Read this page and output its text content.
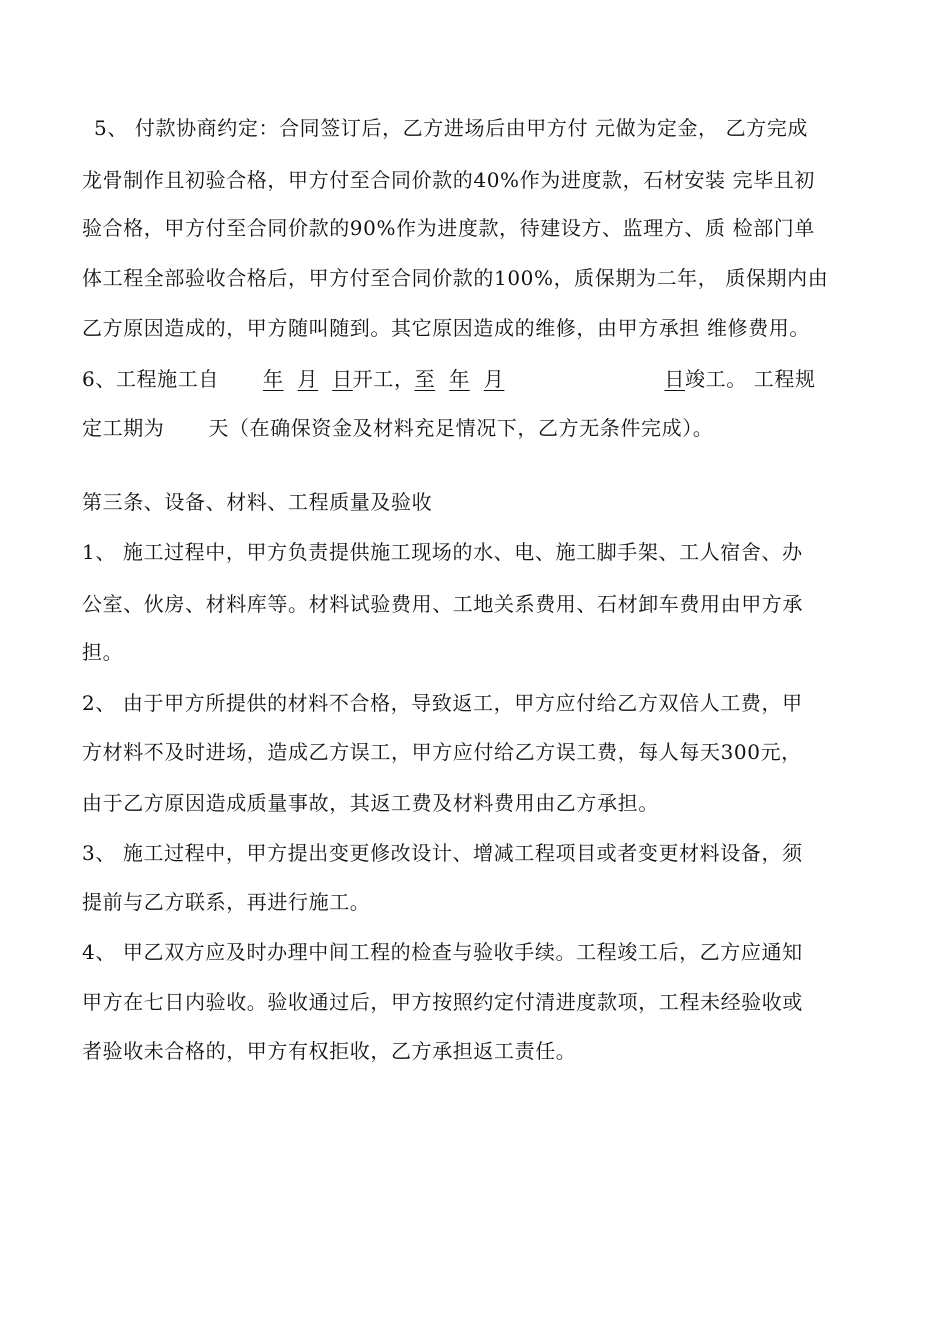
5、 付款协商约定：合同签订后，乙方进场后由甲方付 元做为定金， 乙方完成
龙骨制作且初验合格，甲方付至合同价款的40%作为进度款，石材安装 完毕且初
验合格，甲方付至合同价款的90%作为进度款，待建设方、监理方、质 检部门单
体工程全部验收合格后，甲方付至合同价款的100%，质保期为二年， 质保期内由
乙方原因造成的，甲方随叫随到。其它原因造成的维修，由甲方承担 维修费用。
6、工程施工自 年 月 日开工，至 年 月	日竣工。 工程规
定工期为 天（在确保资金及材料充足情况下，乙方无条件完成）。
第三条、设备、材料、工程质量及验收
1、 施工过程中，甲方负责提供施工现场的水、电、施工脚手架、工人宿舍、办
公室、伙房、材料库等。材料试验费用、工地关系费用、石材卸车费用由甲方承
担。
2、 由于甲方所提供的材料不合格，导致返工，甲方应付给乙方双倍人工费，甲
方材料不及时进场，造成乙方误工，甲方应付给乙方误工费，每人每天300元，
由于乙方原因造成质量事故，其返工费及材料费用由乙方承担。
3、 施工过程中，甲方提出变更修改设计、增减工程项目或者变更材料设备，须
提前与乙方联系，再进行施工。
4、 甲乙双方应及时办理中间工程的检查与验收手续。工程竣工后，乙方应通知
甲方在七日内验收。验收通过后，甲方按照约定付清进度款项，工程未经验收或
者验收未合格的，甲方有权拒收，乙方承担返工责任。
